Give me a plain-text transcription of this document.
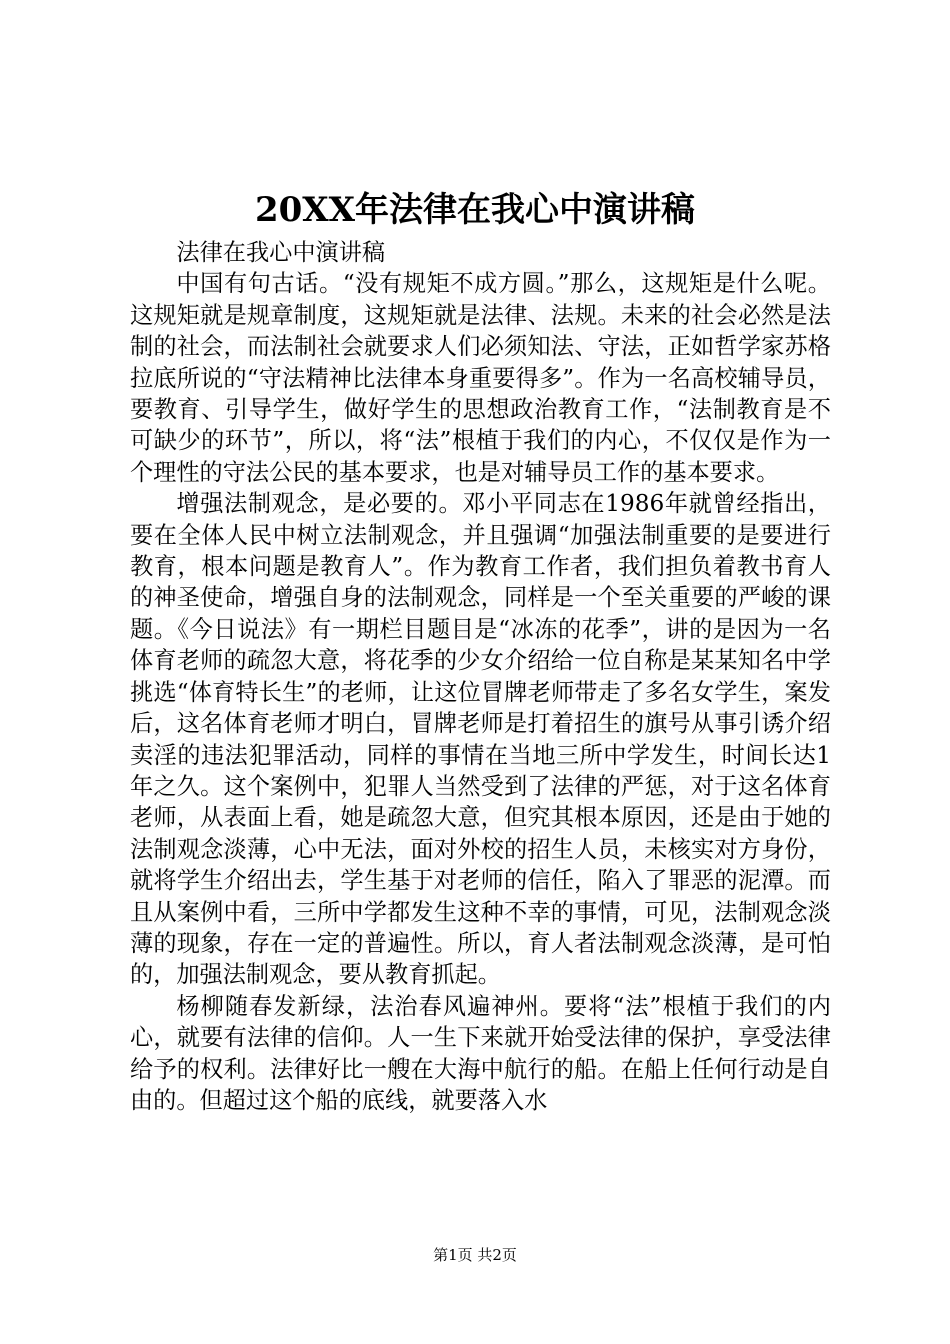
20XX年法律在我心中演讲稿

法律在我心中演讲稿

中国有句古话。“没有规矩不成方圆。”那么，这规矩是什么呢。这规矩就是规章制度，这规矩就是法律、法规。未来的社会必然是法制的社会，而法制社会就要求人们必须知法、守法，正如哲学家苏格拉底所说的“守法精神比法律本身重要得多”。作为一名高校辅导员，要教育、引导学生，做好学生的思想政治教育工作，“法制教育是不可缺少的环节”，所以，将“法”根植于我们的内心，不仅仅是作为一个理性的守法公民的基本要求，也是对辅导员工作的基本要求。

增强法制观念，是必要的。邓小平同志在1986年就曾经指出，要在全体人民中树立法制观念，并且强调“加强法制重要的是要进行教育，根本问题是教育人”。作为教育工作者，我们担负着教书育人的神圣使命，增强自身的法制观念，同样是一个至关重要的严峻的课题。《今日说法》有一期栏目题目是“冰冻的花季”，讲的是因为一名体育老师的疏忽大意，将花季的少女介绍给一位自称是某某知名中学挑选“体育特长生”的老师，让这位冒牌老师带走了多名女学生，案发后，这名体育老师才明白，冒牌老师是打着招生的旗号从事引诱介绍卖淫的违法犯罪活动，同样的事情在当地三所中学发生，时间长达1年之久。这个案例中，犯罪人当然受到了法律的严惩，对于这名体育老师，从表面上看，她是疏忽大意，但究其根本原因，还是由于她的法制观念淡薄，心中无法，面对外校的招生人员，未核实对方身份，就将学生介绍出去，学生基于对老师的信任，陷入了罪恶的泥潭。而且从案例中看，三所中学都发生这种不幸的事情，可见，法制观念淡薄的现象，存在一定的普遍性。所以，育人者法制观念淡薄，是可怕的，加强法制观念，要从教育抓起。

杨柳随春发新绿，法治春风遍神州。要将“法”根植于我们的内心，就要有法律的信仰。人一生下来就开始受法律的保护，享受法律给予的权利。法律好比一艘在大海中航行的船。在船上任何行动是自由的。但超过这个船的底线，就要落入水

第1页 共2页
